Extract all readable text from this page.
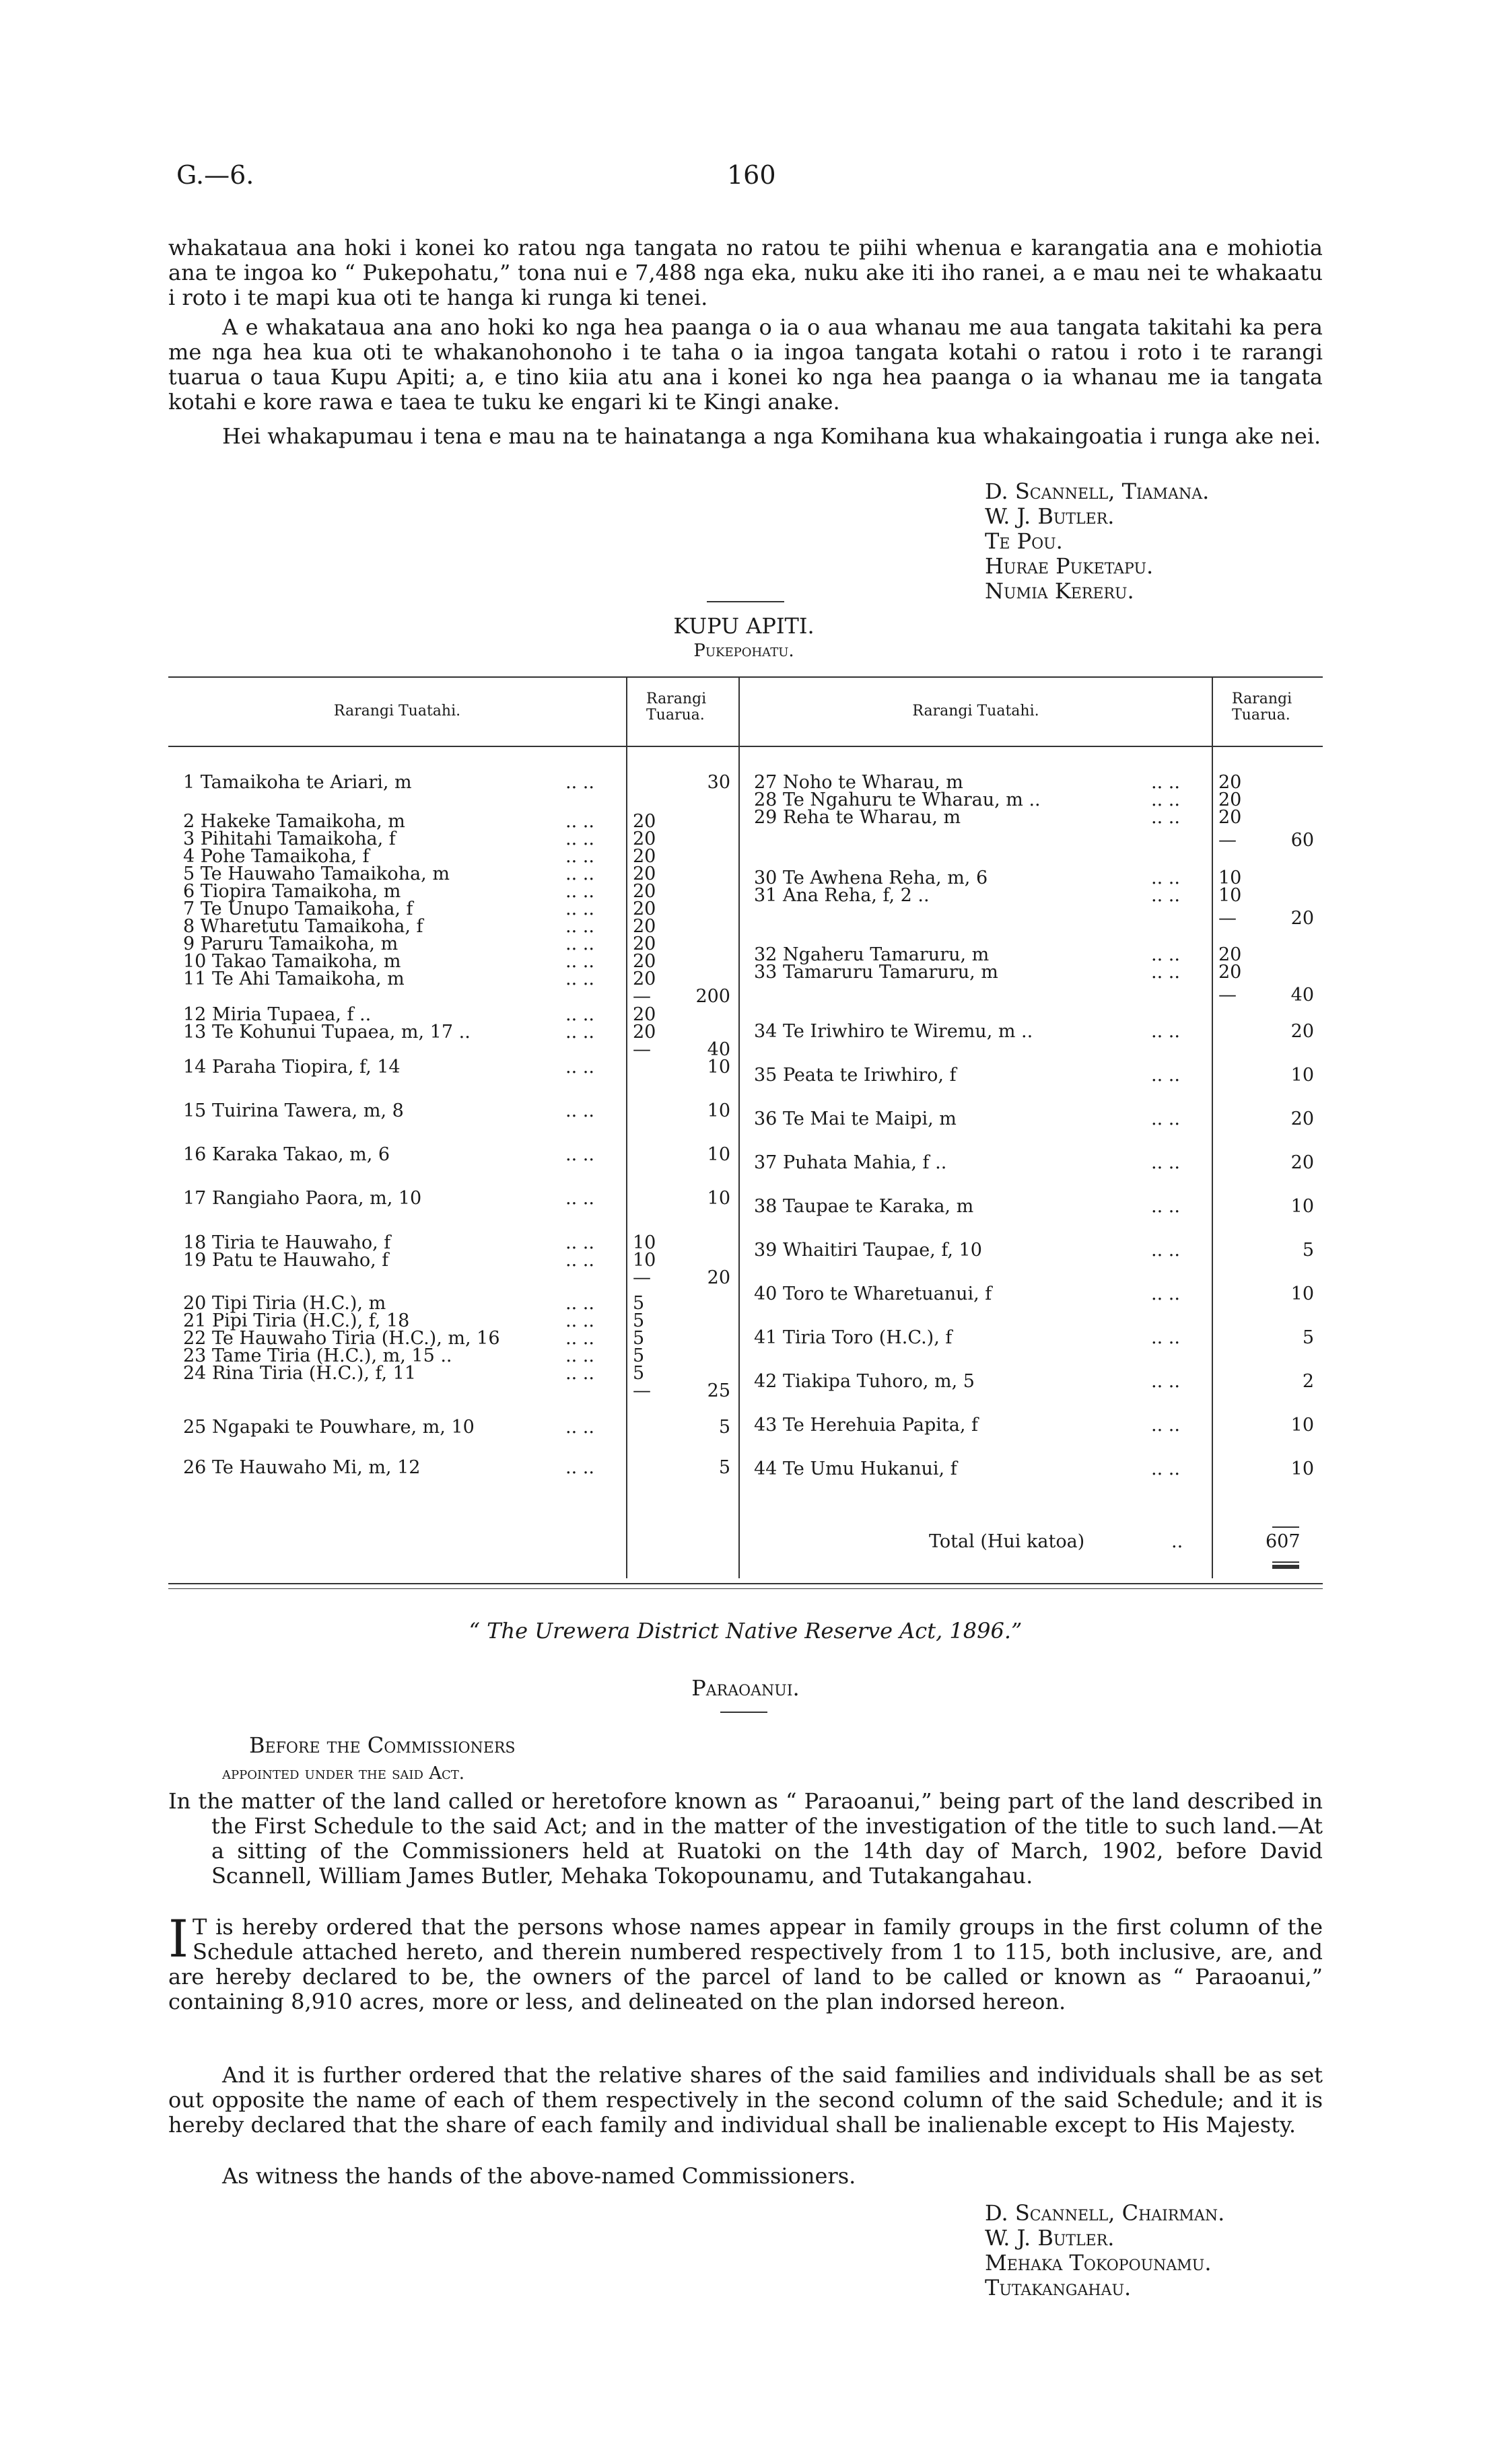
G.—6.	160
whakataua ana hoki i konei ko ratou nga tangata no ratou te piihi whenua e karangatia ana e mohiotia ana te ingoa ko “ Pukepohatu,” tona nui e 7,488 nga eka, nuku ake iti iho ranei, a e mau nei te whakaatu i roto i te mapi kua oti te hanga ki runga ki tenei.
A e whakataua ana ano hoki ko nga hea paanga o ia o aua whanau me aua tangata takitahi ka pera me nga hea kua oti te whakanohonoho i te taha o ia ingoa tangata kotahi o ratou i roto i te rarangi tuarua o taua Kupu Apiti; a, e tino kiia atu ana i konei ko nga hea paanga o ia whanau me ia tangata kotahi e kore rawa e taea te tuku ke engari ki te Kingi anake.
Hei whakapumau i tena e mau na te hainatanga a nga Komihana kua whakaingoatia i runga ake nei.
D. Scannell, Tiamana.
W. J. Butler.
Te Pou.
Hurae Puketapu.
Numia Kereru.
KUPU APITI.
Pukepohatu.
Rarangi Tuatahi.
Rarangi
Tuarua.	Rarangi Tuatahi.
Rarangi
Tuarua.
1 Tamaikoha te Ariari, m	.. ..	30
2 Hakeke Tamaikoha, m	.. .. 20
3 Pihitahi Tamaikoha, f	.. .. 20
4 Pohe Tamaikoha, f	.. .. 20
5 Te Hauwaho Tamaikoha, m	.. .. 20
6 Tiopira Tamaikoha, m	.. .. 20
7 Te Unupo Tamaikoha, f	.. .. 20
8 Wharetutu Tamaikoha, f	.. .. 20
9 Paruru Tamaikoha, m	.. .. 20
10 Takao Tamaikoha, m	.. .. 20
11 Te Ahi Tamaikoha, m	.. .. 20
—	200
12 Miria Tupaea, f ..	.. .. 20
13 Te Kohunui Tupaea, m, 17 ..	.. .. 20
—	40
14 Paraha Tiopira, f, 14	.. ..	10
15 Tuirina Tawera, m, 8	.. ..	10
16 Karaka Takao, m, 6	.. ..	10
17 Rangiaho Paora, m, 10	.. ..	10
18 Tiria te Hauwaho, f	.. .. 10
19 Patu te Hauwaho, f	.. .. 10
—	20
20 Tipi Tiria (H.C.), m	.. .. 5
21 Pipi Tiria (H.C.), f, 18	.. .. 5
22 Te Hauwaho Tiria (H.C.), m, 16	.. .. 5
23 Tame Tiria (H.C.), m, 15 ..	.. .. 5
24 Rina Tiria (H.C.), f, 11	.. .. 5
—	25
25 Ngapaki te Pouwhare, m, 10	.. ..	5
26 Te Hauwaho Mi, m, 12	.. ..	5
27 Noho te Wharau, m	.. .. 20
28 Te Ngahuru te Wharau, m ..	.. .. 20
29 Reha te Wharau, m	.. .. 20
—	60
30 Te Awhena Reha, m, 6	.. .. 10
31 Ana Reha, f, 2 ..	.. .. 10
—	20
32 Ngaheru Tamaruru, m	.. .. 20
33 Tamaruru Tamaruru, m	.. .. 20
—	40
34 Te Iriwhiro te Wiremu, m ..	.. ..	20
35 Peata te Iriwhiro, f	.. ..	10
36 Te Mai te Maipi, m	.. ..	20
37 Puhata Mahia, f ..	.. ..	20
38 Taupae te Karaka, m	.. ..	10
39 Whaitiri Taupae, f, 10	.. ..	5
40 Toro te Wharetuanui, f	.. ..	10
41 Tiria Toro (H.C.), f	.. ..	5
42 Tiakipa Tuhoro, m, 5	.. ..	2
43 Te Herehuia Papita, f	.. ..	10
44 Te Umu Hukanui, f	.. ..	10
Total (Hui katoa)	..	607
“ The Urewera District Native Reserve Act, 1896.”
Paraoanui.
Before the Commissioners
appointed under the said Act.
In the matter of the land called or heretofore known as “ Paraoanui,” being part of the land described in the First Schedule to the said Act; and in the matter of the investigation of the title to such land.—At a sitting of the Commissioners held at Ruatoki on the 14th day of March, 1902, before David Scannell, William James Butler, Mehaka Tokopounamu, and Tutakangahau.
I T is hereby ordered that the persons whose names appear in family groups in the first column of the Schedule attached hereto, and therein numbered respectively from 1 to 115, both inclusive, are, and are hereby declared to be, the owners of the parcel of land to be called or known as “ Paraoanui,” containing 8,910 acres, more or less, and delineated on the plan indorsed hereon.
And it is further ordered that the relative shares of the said families and individuals shall be as set out opposite the name of each of them respectively in the second column of the said Schedule; and it is hereby declared that the share of each family and individual shall be inalienable except to His Majesty.
As witness the hands of the above-named Commissioners.
D. Scannell, Chairman.
W. J. Butler.
Mehaka Tokopounamu.
Tutakangahau.
